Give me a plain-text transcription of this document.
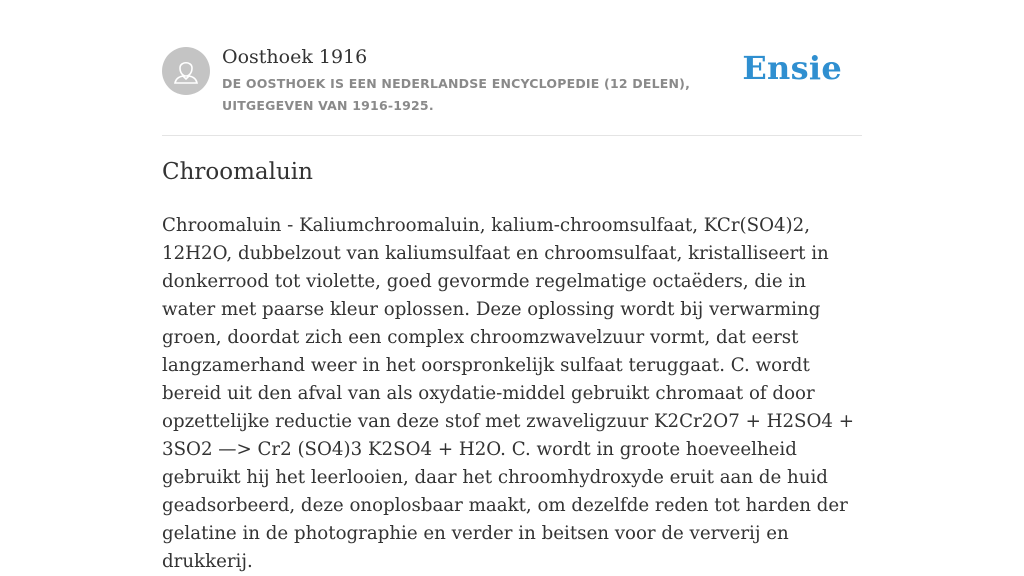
Oosthoek 1916
DE OOSTHOEK IS EEN NEDERLANDSE ENCYCLOPEDIE (12 DELEN), UITGEGEVEN VAN 1916-1925.
Ensie
Chroomaluin

Chroomaluin - Kaliumchroomaluin, kalium-chroomsulfaat, KCr(SO4)2, 12H2O, dubbelzout van kaliumsulfaat en chroomsulfaat, kristalliseert in donkerrood tot violette, goed gevormde regelmatige octaëders, die in water met paarse kleur oplossen. Deze oplossing wordt bij verwarming groen, doordat zich een complex chroomzwavelzuur vormt, dat eerst langzamerhand weer in het oorspronkelijk sulfaat teruggaat. C. wordt bereid uit den afval van als oxydatie-middel gebruikt chromaat of door opzettelijke reductie van deze stof met zwaveligzuur K2Cr2O7 + H2SO4 + 3SO2 —> Cr2 (SO4)3 K2SO4 + H2O. C. wordt in groote hoeveelheid gebruikt hij het leerlooien, daar het chroomhydroxyde eruit aan de huid geadsorbeerd, deze onoplosbaar maakt, om dezelfde reden tot harden der gelatine in de photographie en verder in beitsen voor de ververij en drukkerij.
